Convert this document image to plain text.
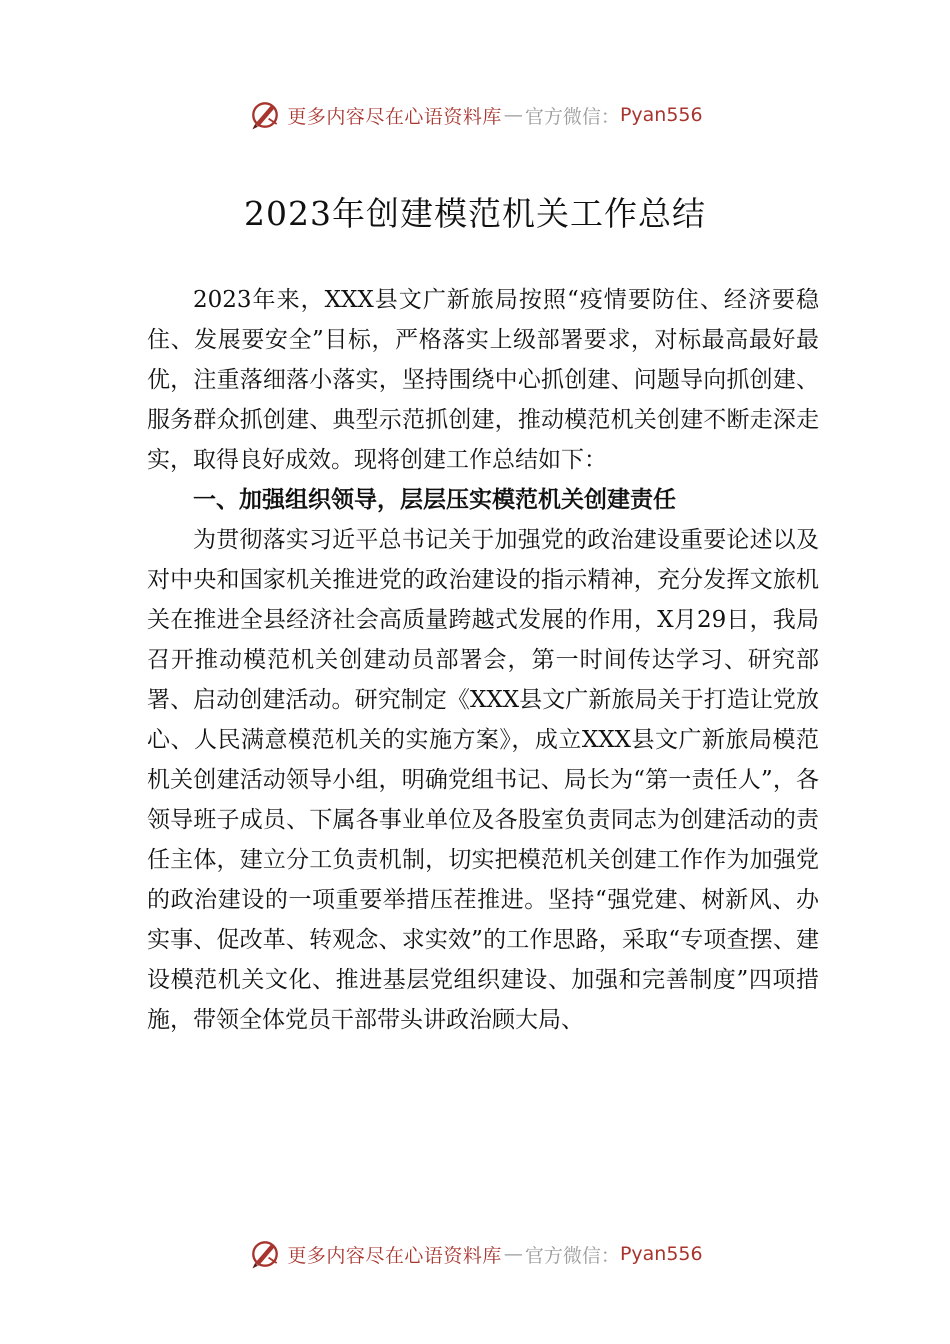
更多内容尽在心语资料库 — 官方微信： Pyan556
2023年创建模范机关工作总结

2023年来，XXX县文广新旅局按照“疫情要防住、经济要稳住、发展要安全”目标，严格落实上级部署要求，对标最高最好最优，注重落细落小落实，坚持围绕中心抓创建、问题导向抓创建、服务群众抓创建、典型示范抓创建，推动模范机关创建不断走深走实，取得良好成效。现将创建工作总结如下：

一、加强组织领导，层层压实模范机关创建责任

为贯彻落实习近平总书记关于加强党的政治建设重要论述以及对中央和国家机关推进党的政治建设的指示精神，充分发挥文旅机关在推进全县经济社会高质量跨越式发展的作用，X月29日，我局召开推动模范机关创建动员部署会，第一时间传达学习、研究部署、启动创建活动。研究制定《XXX县文广新旅局关于打造让党放心、人民满意模范机关的实施方案》，成立XXX县文广新旅局模范机关创建活动领导小组，明确党组书记、局长为“第一责任人”，各领导班子成员、下属各事业单位及各股室负责同志为创建活动的责任主体，建立分工负责机制，切实把模范机关创建工作作为加强党的政治建设的一项重要举措压茬推进。坚持“强党建、树新风、办实事、促改革、转观念、求实效”的工作思路，采取“专项查摆、建设模范机关文化、推进基层党组织建设、加强和完善制度”四项措施，带领全体党员干部带头讲政治顾大局、

更多内容尽在心语资料库 — 官方微信： Pyan556
